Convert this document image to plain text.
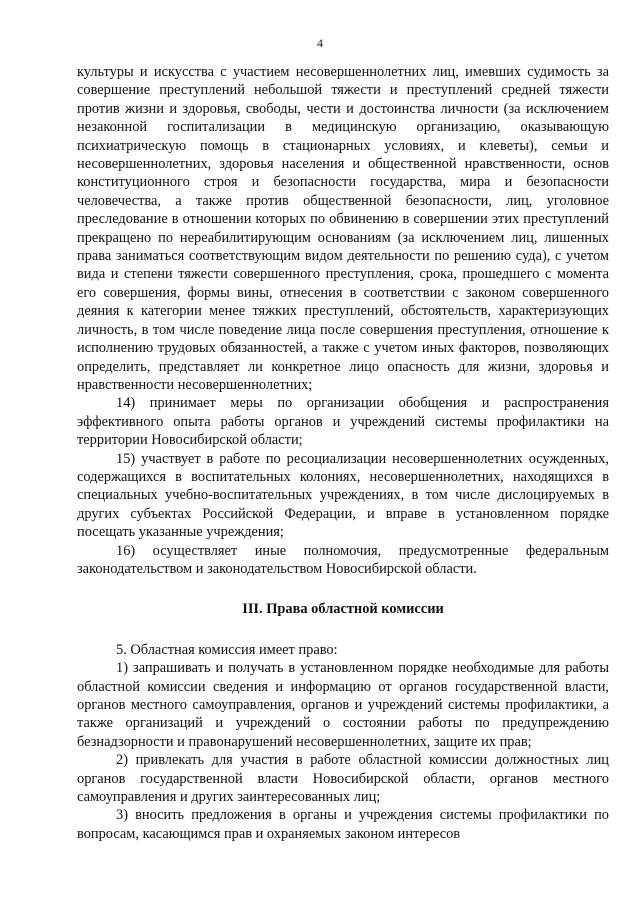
4

культуры и искусства с участием несовершеннолетних лиц, имевших судимость за совершение преступлений небольшой тяжести и преступлений средней тяжести против жизни и здоровья, свободы, чести и достоинства личности (за исключением незаконной госпитализации в медицинскую организацию, оказывающую психиатрическую помощь в стационарных условиях, и клеветы), семьи и несовершеннолетних, здоровья населения и общественной нравственности, основ конституционного строя и безопасности государства, мира и безопасности человечества, а также против общественной безопасности, лиц, уголовное преследование в отношении которых по обвинению в совершении этих преступлений прекращено по нереабилитирующим основаниям (за исключением лиц, лишенных права заниматься соответствующим видом деятельности по решению суда), с учетом вида и степени тяжести совершенного преступления, срока, прошедшего с момента его совершения, формы вины, отнесения в соответствии с законом совершенного деяния к категории менее тяжких преступлений, обстоятельств, характеризующих личность, в том числе поведение лица после совершения преступления, отношение к исполнению трудовых обязанностей, а также с учетом иных факторов, позволяющих определить, представляет ли конкретное лицо опасность для жизни, здоровья и нравственности несовершеннолетних;

14) принимает меры по организации обобщения и распространения эффективного опыта работы органов и учреждений системы профилактики на территории Новосибирской области;

15) участвует в работе по ресоциализации несовершеннолетних осужденных, содержащихся в воспитательных колониях, несовершеннолетних, находящихся в специальных учебно-воспитательных учреждениях, в том числе дислоцируемых в других субъектах Российской Федерации, и вправе в установленном порядке посещать указанные учреждения;

16) осуществляет иные полномочия, предусмотренные федеральным законодательством и законодательством Новосибирской области.

III. Права областной комиссии

5. Областная комиссия имеет право:

1) запрашивать и получать в установленном порядке необходимые для работы областной комиссии сведения и информацию от органов государственной власти, органов местного самоуправления, органов и учреждений системы профилактики, а также организаций и учреждений о состоянии работы по предупреждению безнадзорности и правонарушений несовершеннолетних, защите их прав;

2) привлекать для участия в работе областной комиссии должностных лиц органов государственной власти Новосибирской области, органов местного самоуправления и других заинтересованных лиц;

3) вносить предложения в органы и учреждения системы профилактики по вопросам, касающимся прав и охраняемых законом интересов
